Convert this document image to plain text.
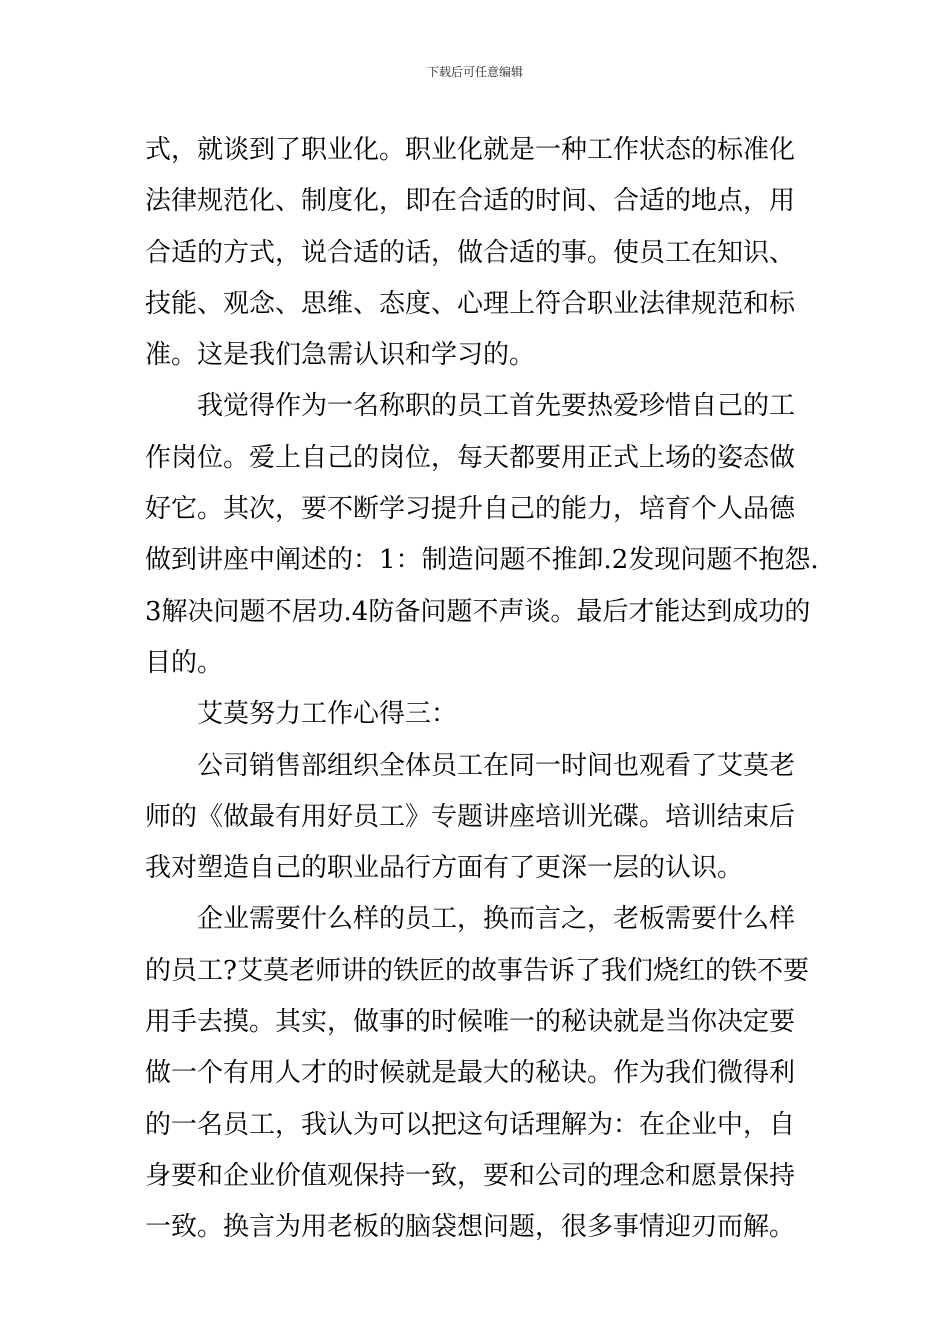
下载后可任意编辑
式，就谈到了职业化。职业化就是一种工作状态的标准化
法律规范化、制度化，即在合适的时间、合适的地点，用
合适的方式，说合适的话，做合适的事。使员工在知识、
技能、观念、思维、态度、心理上符合职业法律规范和标
准。这是我们急需认识和学习的。
　　我觉得作为一名称职的员工首先要热爱珍惜自己的工
作岗位。爱上自己的岗位，每天都要用正式上场的姿态做
好它。其次，要不断学习提升自己的能力，培育个人品德
做到讲座中阐述的：1：制造问题不推卸.2发现问题不抱怨.
3解决问题不居功.4防备问题不声谈。最后才能达到成功的
目的。
　　艾莫努力工作心得三：
　　公司销售部组织全体员工在同一时间也观看了艾莫老
师的《做最有用好员工》专题讲座培训光碟。培训结束后
我对塑造自己的职业品行方面有了更深一层的认识。
　　企业需要什么样的员工，换而言之，老板需要什么样
的员工?艾莫老师讲的铁匠的故事告诉了我们烧红的铁不要
用手去摸。其实，做事的时候唯一的秘诀就是当你决定要
做一个有用人才的时候就是最大的秘诀。作为我们微得利
的一名员工，我认为可以把这句话理解为：在企业中，自
身要和企业价值观保持一致，要和公司的理念和愿景保持
一致。换言为用老板的脑袋想问题，很多事情迎刃而解。
